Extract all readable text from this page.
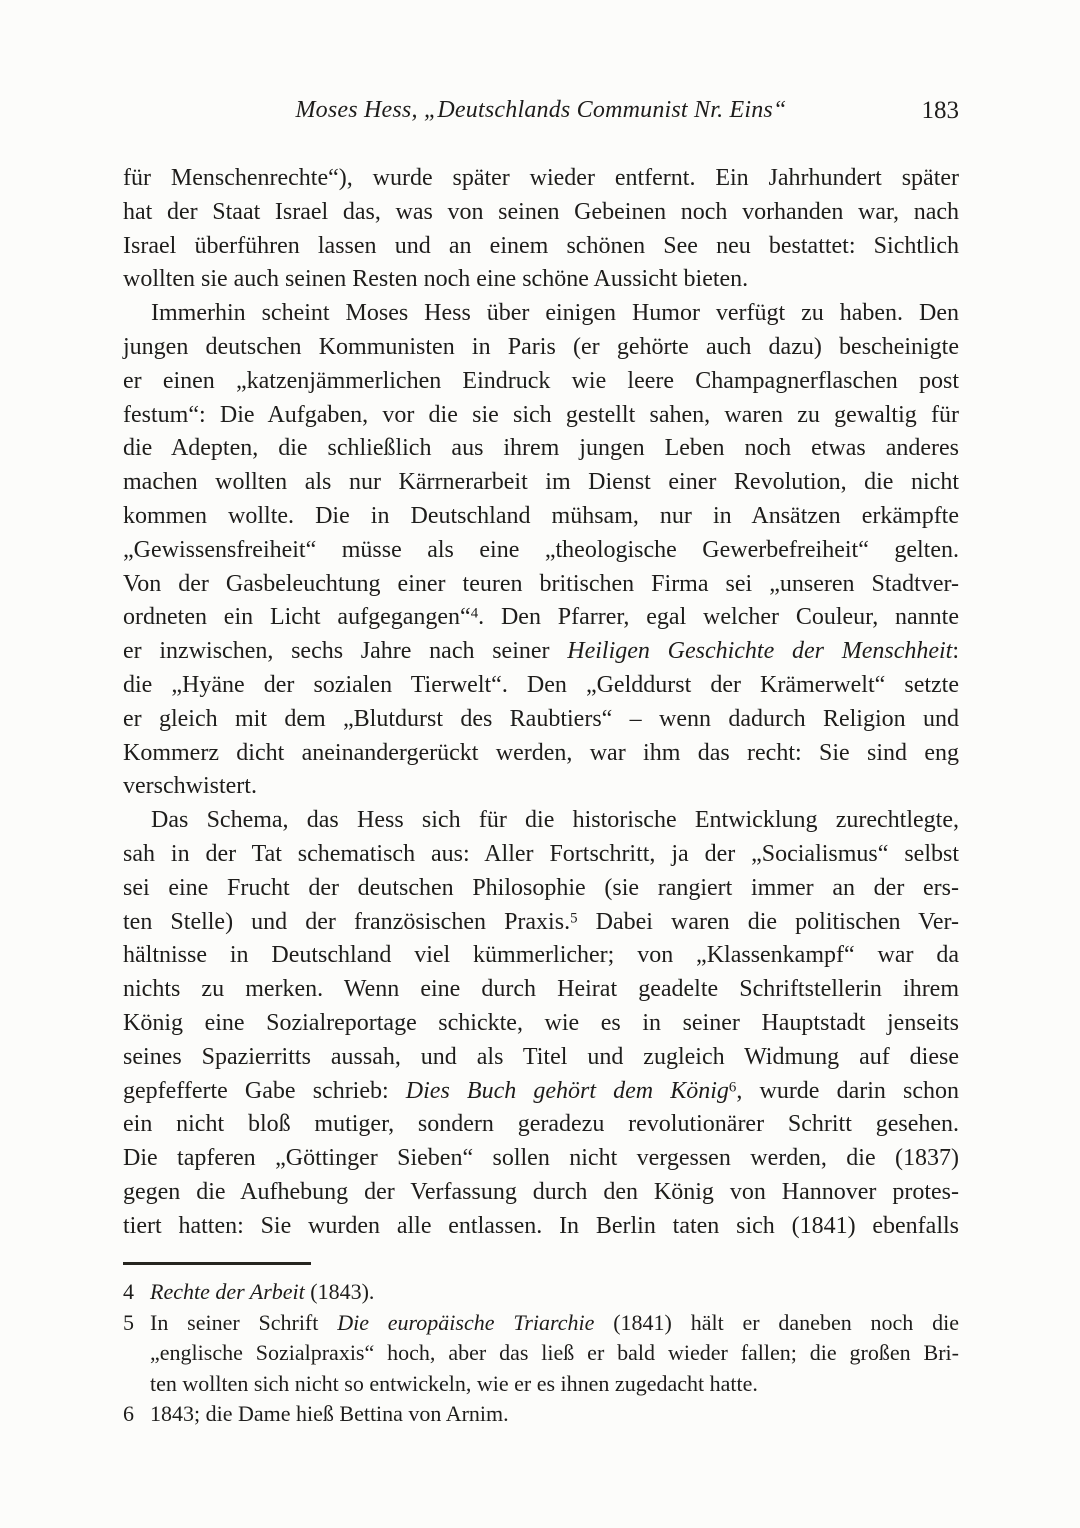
Moses Hess, „Deutschlands Communist Nr. Eins“	183
für Menschenrechte“), wurde später wieder entfernt. Ein Jahrhundert später
hat der Staat Israel das, was von seinen Gebeinen noch vorhanden war, nach
Israel überführen lassen und an einem schönen See neu bestattet: Sichtlich
wollten sie auch seinen Resten noch eine schöne Aussicht bieten.
Immerhin scheint Moses Hess über einigen Humor verfügt zu haben. Den
jungen deutschen Kommunisten in Paris (er gehörte auch dazu) bescheinigte
er einen „katzenjämmerlichen Eindruck wie leere Champagnerflaschen post
festum“: Die Aufgaben, vor die sie sich gestellt sahen, waren zu gewaltig für
die Adepten, die schließlich aus ihrem jungen Leben noch etwas anderes
machen wollten als nur Kärrnerarbeit im Dienst einer Revolution, die nicht
kommen wollte. Die in Deutschland mühsam, nur in Ansätzen erkämpfte
„Gewissensfreiheit“ müsse als eine „theologische Gewerbefreiheit“ gelten.
Von der Gasbeleuchtung einer teuren britischen Firma sei „unseren Stadtver-
ordneten ein Licht aufgegangen“$^4$. Den Pfarrer, egal welcher Couleur, nannte
er inzwischen, sechs Jahre nach seiner Heiligen Geschichte der Menschheit:
die „Hyäne der sozialen Tierwelt“. Den „Gelddurst der Krämerwelt“ setzte
er gleich mit dem „Blutdurst des Raubtiers“ – wenn dadurch Religion und
Kommerz dicht aneinandergerückt werden, war ihm das recht: Sie sind eng
verschwistert.
Das Schema, das Hess sich für die historische Entwicklung zurechtlegte,
sah in der Tat schematisch aus: Aller Fortschritt, ja der „Socialismus“ selbst
sei eine Frucht der deutschen Philosophie (sie rangiert immer an der ers-
ten Stelle) und der französischen Praxis.$^5$ Dabei waren die politischen Ver-
hältnisse in Deutschland viel kümmerlicher; von „Klassenkampf“ war da
nichts zu merken. Wenn eine durch Heirat geadelte Schriftstellerin ihrem
König eine Sozialreportage schickte, wie es in seiner Hauptstadt jenseits
seines Spazierritts aussah, und als Titel und zugleich Widmung auf diese
gepfefferte Gabe schrieb: Dies Buch gehört dem König$^6$, wurde darin schon
ein nicht bloß mutiger, sondern geradezu revolutionärer Schritt gesehen.
Die tapferen „Göttinger Sieben“ sollen nicht vergessen werden, die (1837)
gegen die Aufhebung der Verfassung durch den König von Hannover protes-
tiert hatten: Sie wurden alle entlassen. In Berlin taten sich (1841) ebenfalls
4 Rechte der Arbeit (1843).
5 In seiner Schrift Die europäische Triarchie (1841) hält er daneben noch die
„englische Sozialpraxis“ hoch, aber das ließ er bald wieder fallen; die großen Bri-
ten wollten sich nicht so entwickeln, wie er es ihnen zugedacht hatte.
6 1843; die Dame hieß Bettina von Arnim.
